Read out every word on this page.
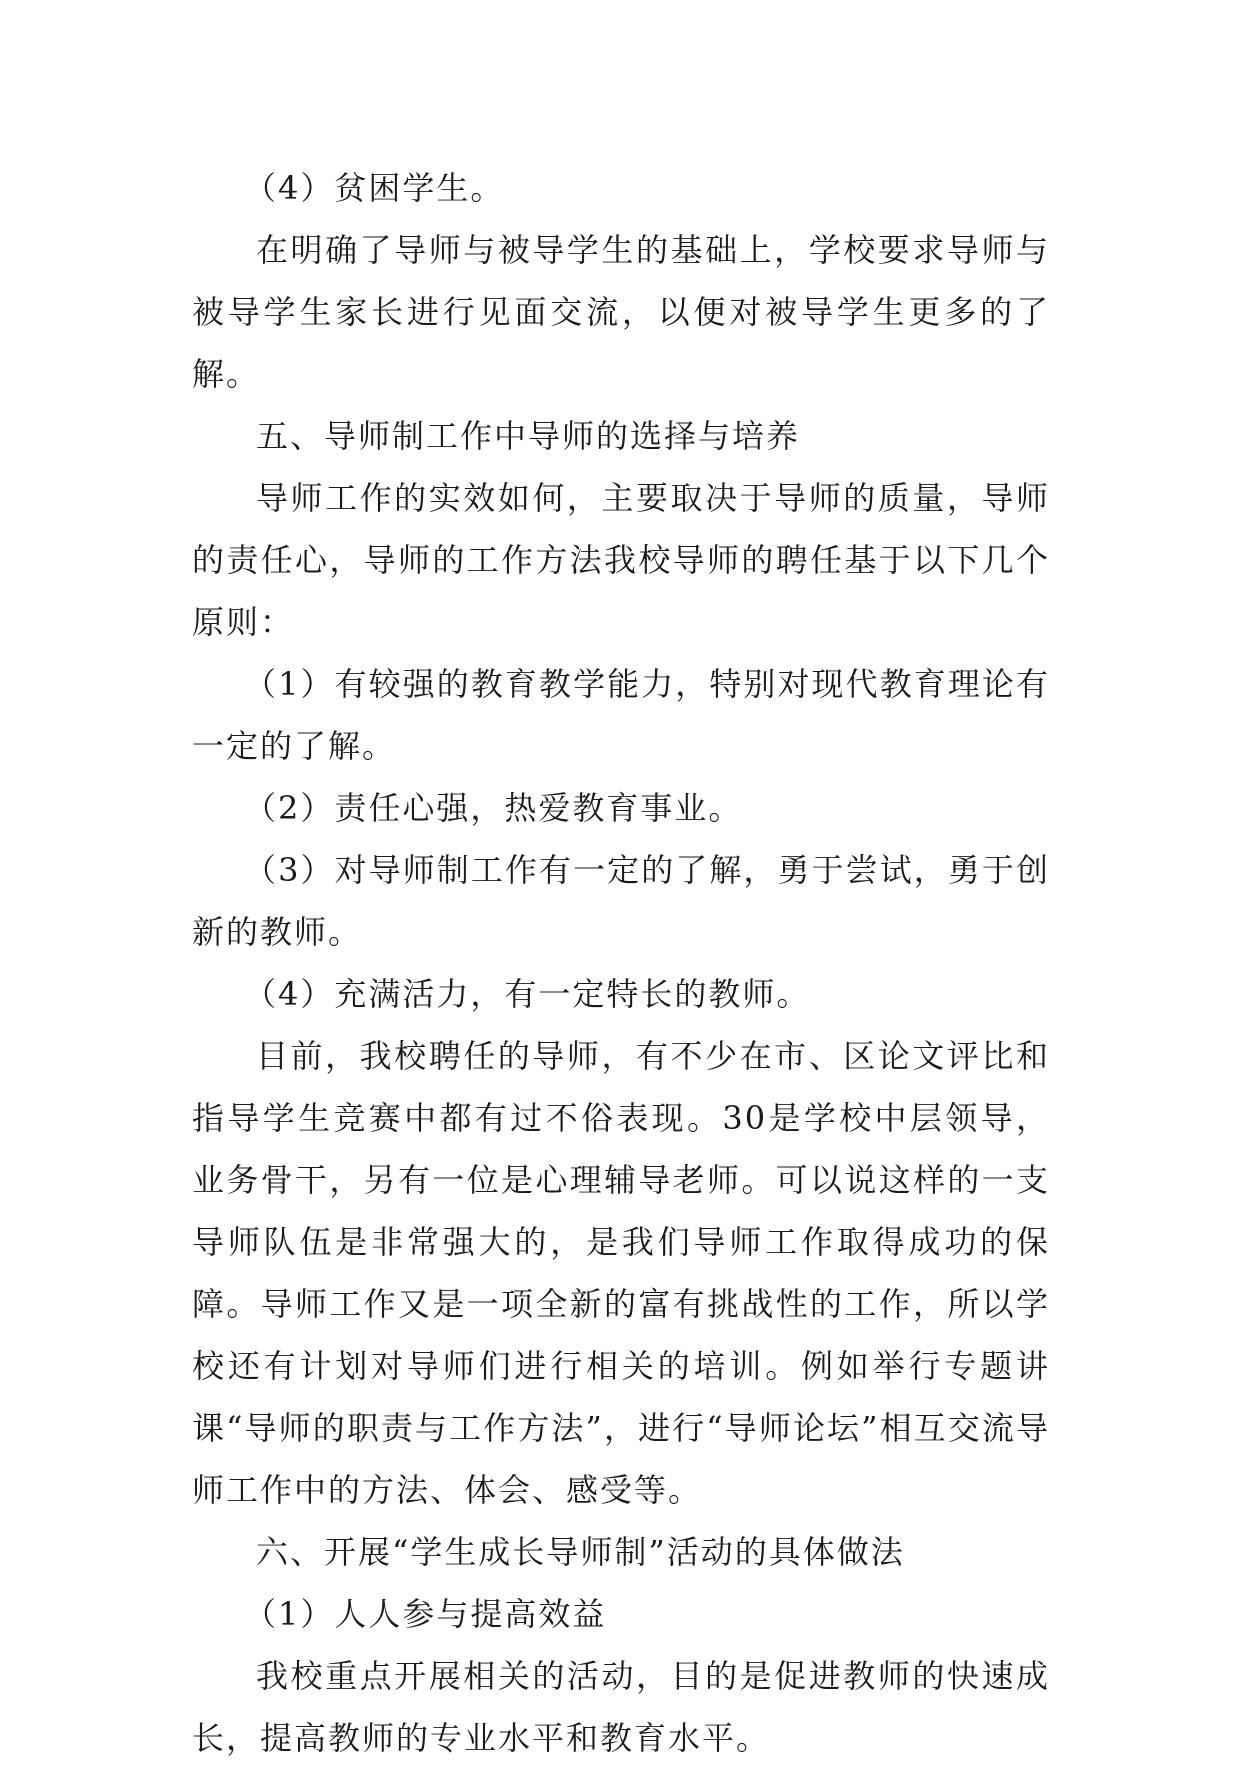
（4）贫困学生。

在明确了导师与被导学生的基础上，学校要求导师与被导学生家长进行见面交流，以便对被导学生更多的了解。

五、导师制工作中导师的选择与培养

导师工作的实效如何，主要取决于导师的质量，导师的责任心，导师的工作方法我校导师的聘任基于以下几个原则：

（1）有较强的教育教学能力，特别对现代教育理论有一定的了解。

（2）责任心强，热爱教育事业。

（3）对导师制工作有一定的了解，勇于尝试，勇于创新的教师。

（4）充满活力，有一定特长的教师。

目前，我校聘任的导师，有不少在市、区论文评比和指导学生竞赛中都有过不俗表现。30是学校中层领导，业务骨干，另有一位是心理辅导老师。可以说这样的一支导师队伍是非常强大的，是我们导师工作取得成功的保障。导师工作又是一项全新的富有挑战性的工作，所以学校还有计划对导师们进行相关的培训。例如举行专题讲课“导师的职责与工作方法”，进行“导师论坛”相互交流导师工作中的方法、体会、感受等。

六、开展“学生成长导师制”活动的具体做法

（1）人人参与提高效益

我校重点开展相关的活动，目的是促进教师的快速成长，提高教师的专业水平和教育水平。
